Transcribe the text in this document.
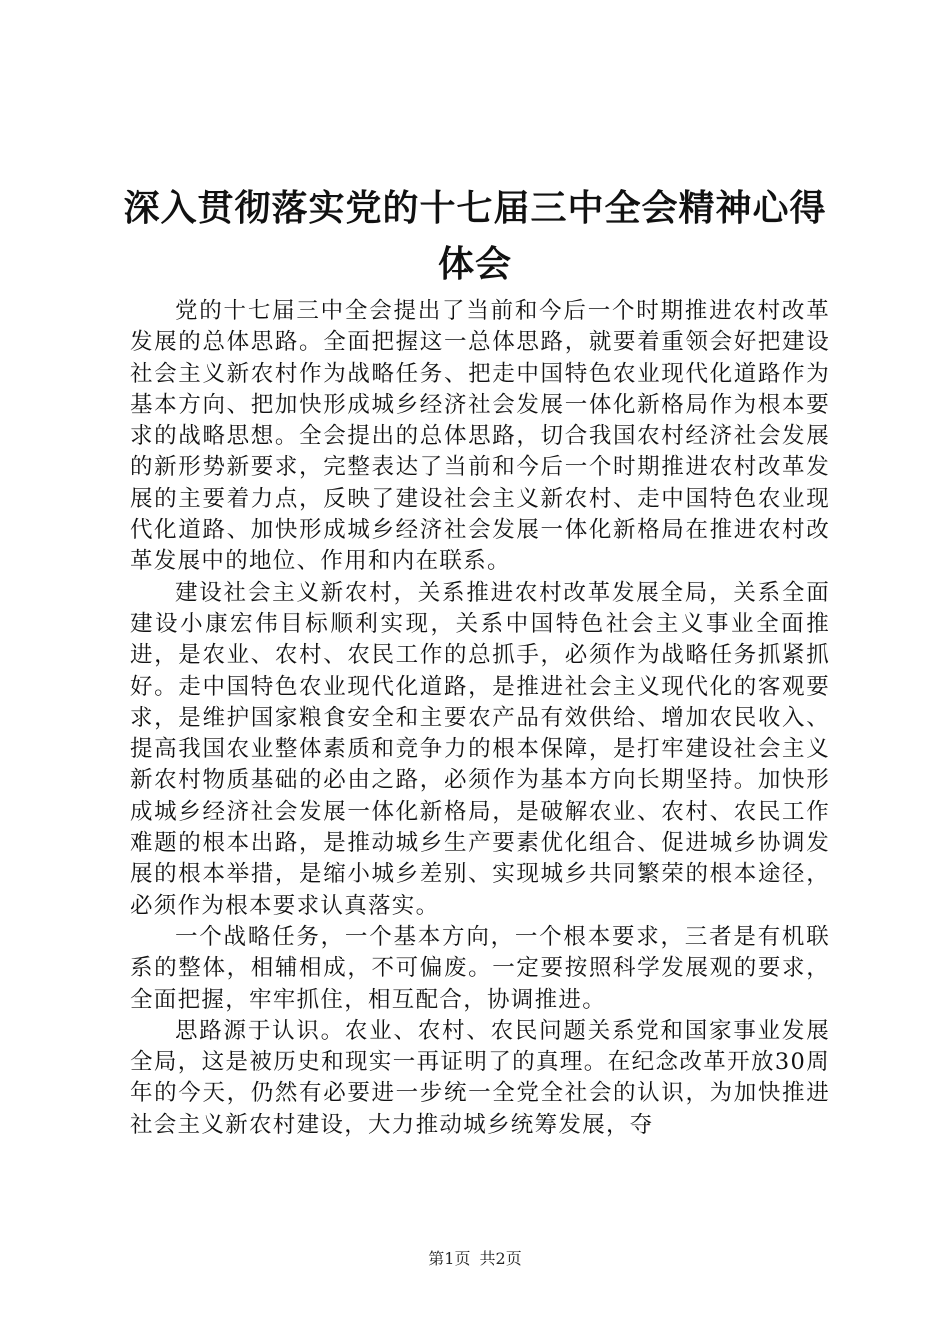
深入贯彻落实党的十七届三中全会精神心得体会

党的十七届三中全会提出了当前和今后一个时期推进农村改革发展的总体思路。全面把握这一总体思路，就要着重领会好把建设社会主义新农村作为战略任务、把走中国特色农业现代化道路作为基本方向、把加快形成城乡经济社会发展一体化新格局作为根本要求的战略思想。全会提出的总体思路，切合我国农村经济社会发展的新形势新要求，完整表达了当前和今后一个时期推进农村改革发展的主要着力点，反映了建设社会主义新农村、走中国特色农业现代化道路、加快形成城乡经济社会发展一体化新格局在推进农村改革发展中的地位、作用和内在联系。

建设社会主义新农村，关系推进农村改革发展全局，关系全面建设小康宏伟目标顺利实现，关系中国特色社会主义事业全面推进，是农业、农村、农民工作的总抓手，必须作为战略任务抓紧抓好。走中国特色农业现代化道路，是推进社会主义现代化的客观要求，是维护国家粮食安全和主要农产品有效供给、增加农民收入、提高我国农业整体素质和竞争力的根本保障，是打牢建设社会主义新农村物质基础的必由之路，必须作为基本方向长期坚持。加快形成城乡经济社会发展一体化新格局，是破解农业、农村、农民工作难题的根本出路，是推动城乡生产要素优化组合、促进城乡协调发展的根本举措，是缩小城乡差别、实现城乡共同繁荣的根本途径，必须作为根本要求认真落实。

一个战略任务，一个基本方向，一个根本要求，三者是有机联系的整体，相辅相成，不可偏废。一定要按照科学发展观的要求，全面把握，牢牢抓住，相互配合，协调推进。

思路源于认识。农业、农村、农民问题关系党和国家事业发展全局，这是被历史和现实一再证明了的真理。在纪念改革开放30周年的今天，仍然有必要进一步统一全党全社会的认识，为加快推进社会主义新农村建设，大力推动城乡统筹发展，夺

第1页 共2页
